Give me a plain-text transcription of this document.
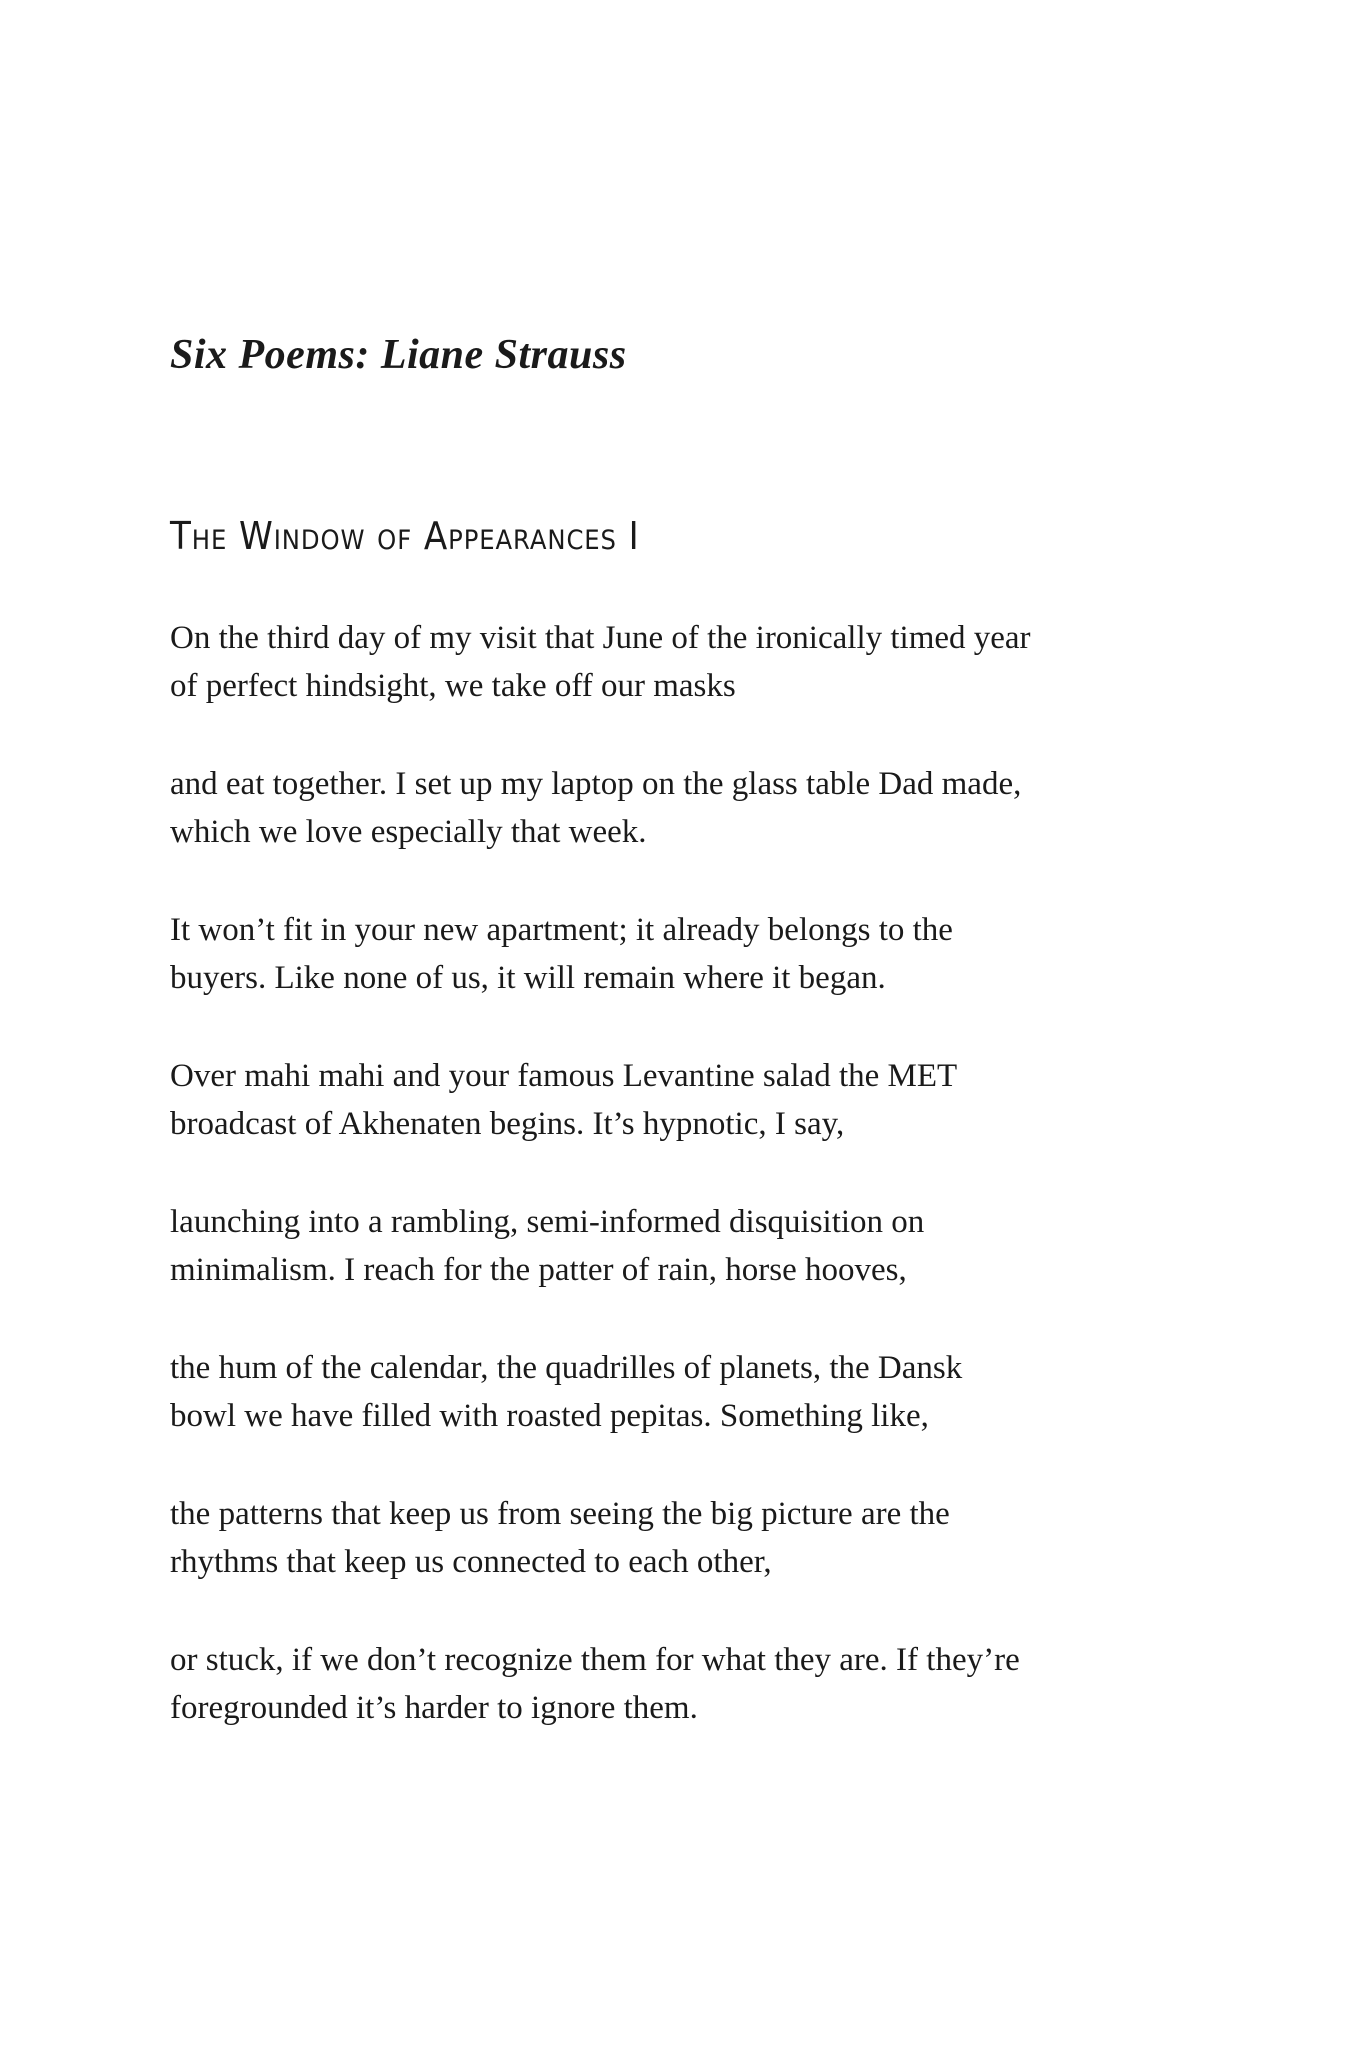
Six Poems: Liane Strauss
The Window of Appearances I

On the third day of my visit that June of the ironically timed year
of perfect hindsight, we take off our masks

and eat together. I set up my laptop on the glass table Dad made,
which we love especially that week.

It won’t fit in your new apartment; it already belongs to the
buyers. Like none of us, it will remain where it began.

Over mahi mahi and your famous Levantine salad the MET
broadcast of Akhenaten begins. It’s hypnotic, I say,

launching into a rambling, semi-informed disquisition on
minimalism. I reach for the patter of rain, horse hooves,

the hum of the calendar, the quadrilles of planets, the Dansk
bowl we have filled with roasted pepitas. Something like,

the patterns that keep us from seeing the big picture are the
rhythms that keep us connected to each other,

or stuck, if we don’t recognize them for what they are. If they’re
foregrounded it’s harder to ignore them.
